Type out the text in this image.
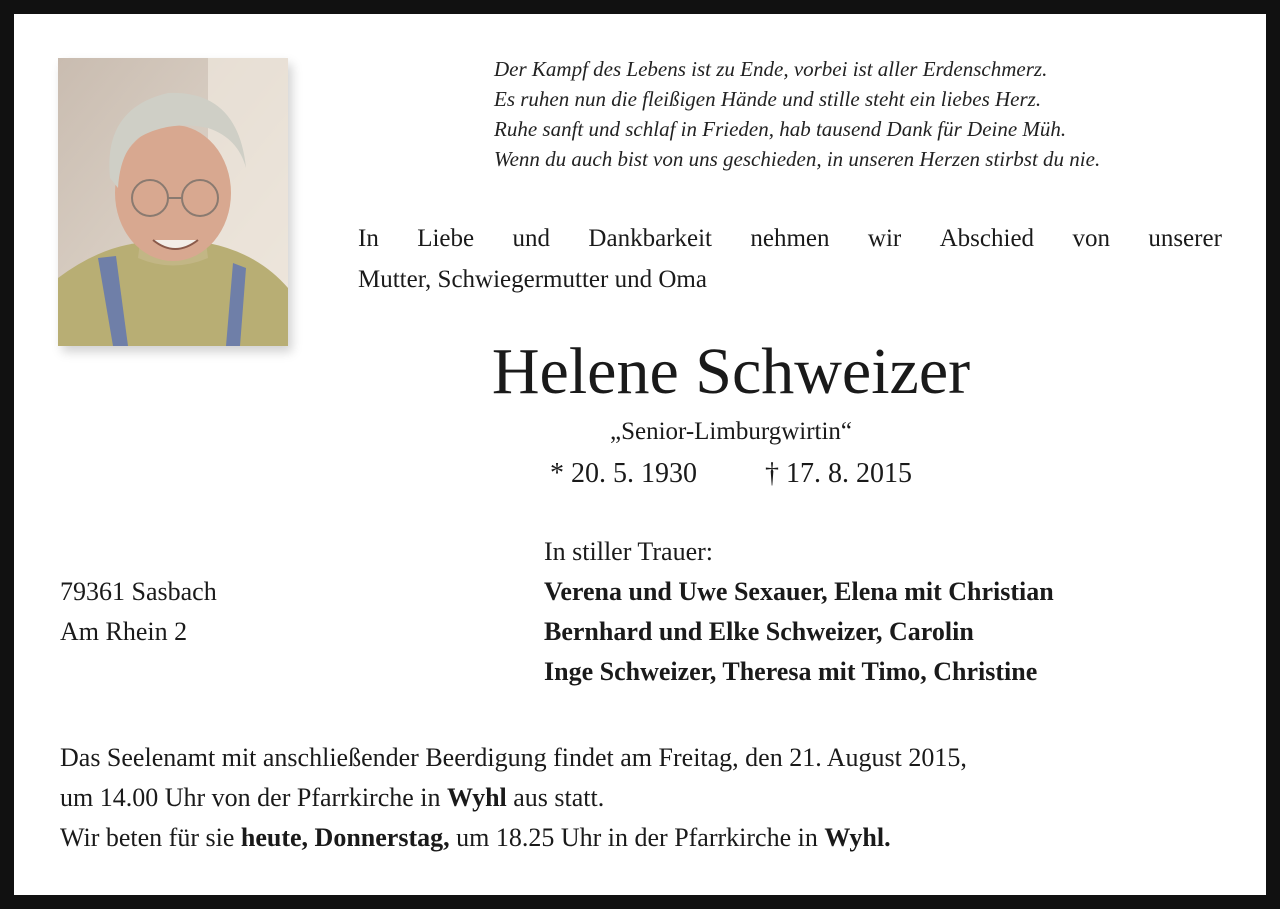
Der Kampf des Lebens ist zu Ende, vorbei ist aller Erdenschmerz.
Es ruhen nun die fleißigen Hände und stille steht ein liebes Herz.
Ruhe sanft und schlaf in Frieden, hab tausend Dank für Deine Müh.
Wenn du auch bist von uns geschieden, in unseren Herzen stirbst du nie.
In Liebe und Dankbarkeit nehmen wir Abschied von unserer
Mutter, Schwiegermutter und Oma
Helene Schweizer
„Senior-Limburgwirtin“
* 20. 5. 1930 † 17. 8. 2015
In stiller Trauer:
Verena und Uwe Sexauer, Elena mit Christian
Bernhard und Elke Schweizer, Carolin
Inge Schweizer, Theresa mit Timo, Christine
79361 Sasbach
Am Rhein 2
Das Seelenamt mit anschließender Beerdigung findet am Freitag, den 21. August 2015,
um 14.00 Uhr von der Pfarrkirche in Wyhl aus statt.
Wir beten für sie heute, Donnerstag, um 18.25 Uhr in der Pfarrkirche in Wyhl.
